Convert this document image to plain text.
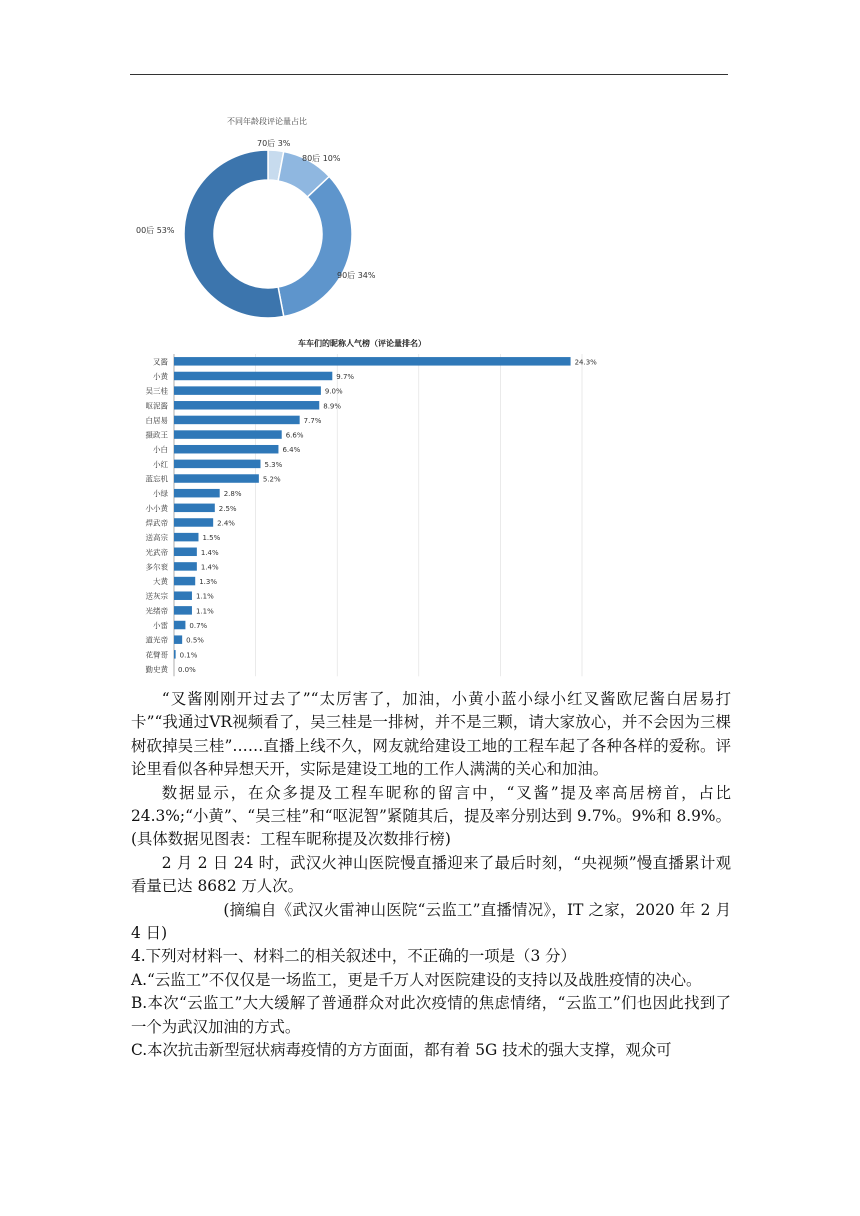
不同年龄段评论量占比
70后 3%
80后 10%
90后 34%
00后 53%
车车们的昵称人气榜（评论量排名）
叉酱	24.3%
小黄	9.7%
吴三桂	9.0%
呕泥酱	8.9%
白居易	7.7%
摄政王	6.6%
小白	6.4%
小红	5.3%
蓝忘机	5.2%
小绿	2.8%
小小黄	2.5%
焊武帝	2.4%
送高宗	1.5%
光武帝	1.4%
多尔衮	1.4%
大黄	1.3%
送灰宗	1.1%
光绪帝	1.1%
小雷	0.7%
道光帝	0.5%
花臂哥 0.1%
勤史黄 0.0%

“叉酱刚刚开过去了”“太厉害了，加油，小黄小蓝小绿小红叉酱欧尼酱白居易打卡”“我通过VR视频看了，吴三桂是一排树，并不是三颗，请大家放心，并不会因为三棵树砍掉吴三桂”……直播上线不久，网友就给建设工地的工程车起了各种各样的爱称。评论里看似各种异想天开，实际是建设工地的工作人满满的关心和加油。

数据显示，在众多提及工程车昵称的留言中，“叉酱”提及率高居榜首，占比 24.3%;“小黄”、“吴三桂”和“呕泥智”紧随其后，提及率分别达到 9.7%。9%和 8.9%。(具体数据见图表：工程车昵称提及次数排行榜)

2 月 2 日 24 时，武汉火神山医院慢直播迎来了最后时刻，“央视频”慢直播累计观看量已达 8682 万人次。

(摘编自《武汉火雷神山医院“云监工”直播情况》，IT 之家，2020 年 2 月 4 日)

4.下列对材料一、材料二的相关叙述中，不正确的一项是（3 分）

A.“云监工”不仅仅是一场监工，更是千万人对医院建设的支持以及战胜疫情的决心。

B.本次“云监工”大大缓解了普通群众对此次疫情的焦虑情绪，“云监工”们也因此找到了一个为武汉加油的方式。

C.本次抗击新型冠状病毒疫情的方方面面，都有着 5G 技术的强大支撑，观众可
